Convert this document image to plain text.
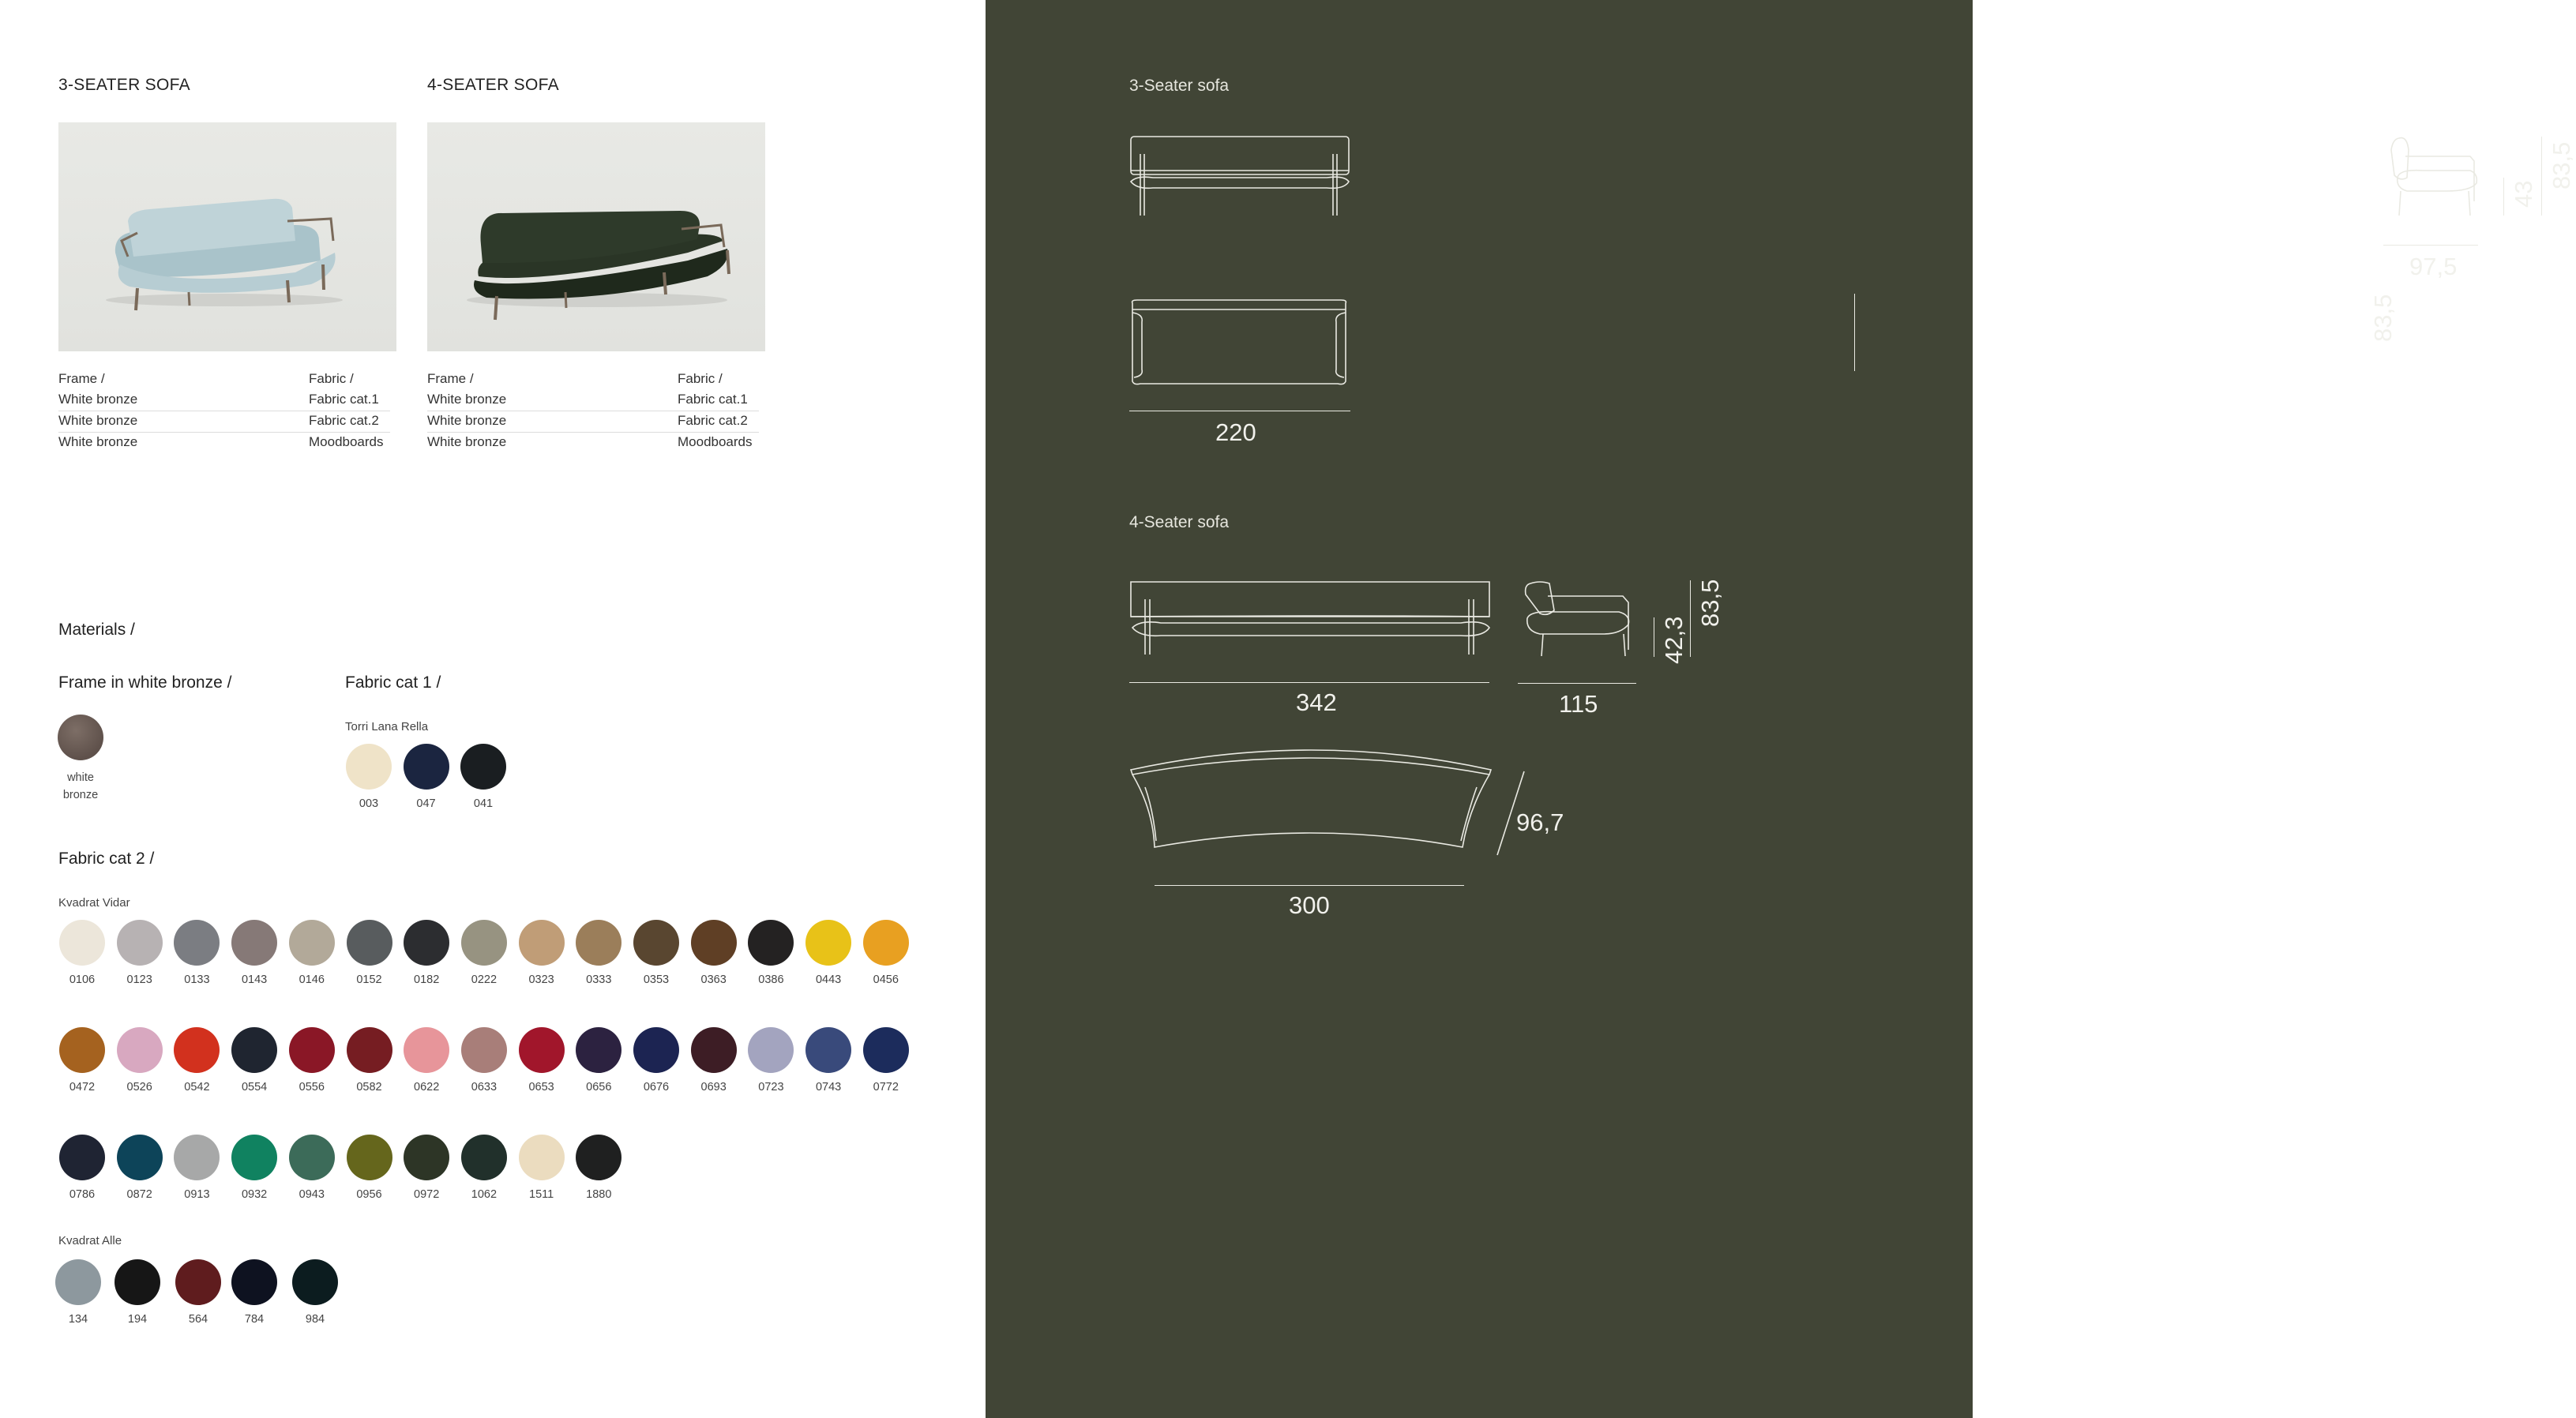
3-SEATER SOFA
Frame /	Fabric /
White bronze	Fabric cat.1
White bronze	Fabric cat.2
White bronze	Moodboards
4-SEATER SOFA
Frame /	Fabric /
White bronze	Fabric cat.1
White bronze	Fabric cat.2
White bronze	Moodboards
Materials /
Frame in white bronze /
white
bronze
Fabric cat 1 /
Torri Lana Rella
003	047	041
Fabric cat 2 /
Kvadrat Vidar
0106	0123	0133	0143	0146	0152	0182	0222	0323	0333	0353	0363	0386	0443	0456
0472	0526	0542	0554	0556	0582	0622	0633	0653	0656	0676	0693	0723	0743	0772
0786	0872	0913	0932	0943	0956	0972	1062	1511	1880
Kvadrat Alle
134	194	564	784	984
3-Seater sofa
97,5
43
83,5
83,5
220
4-Seater sofa
342	115
42,3
83,5
96,7
300
